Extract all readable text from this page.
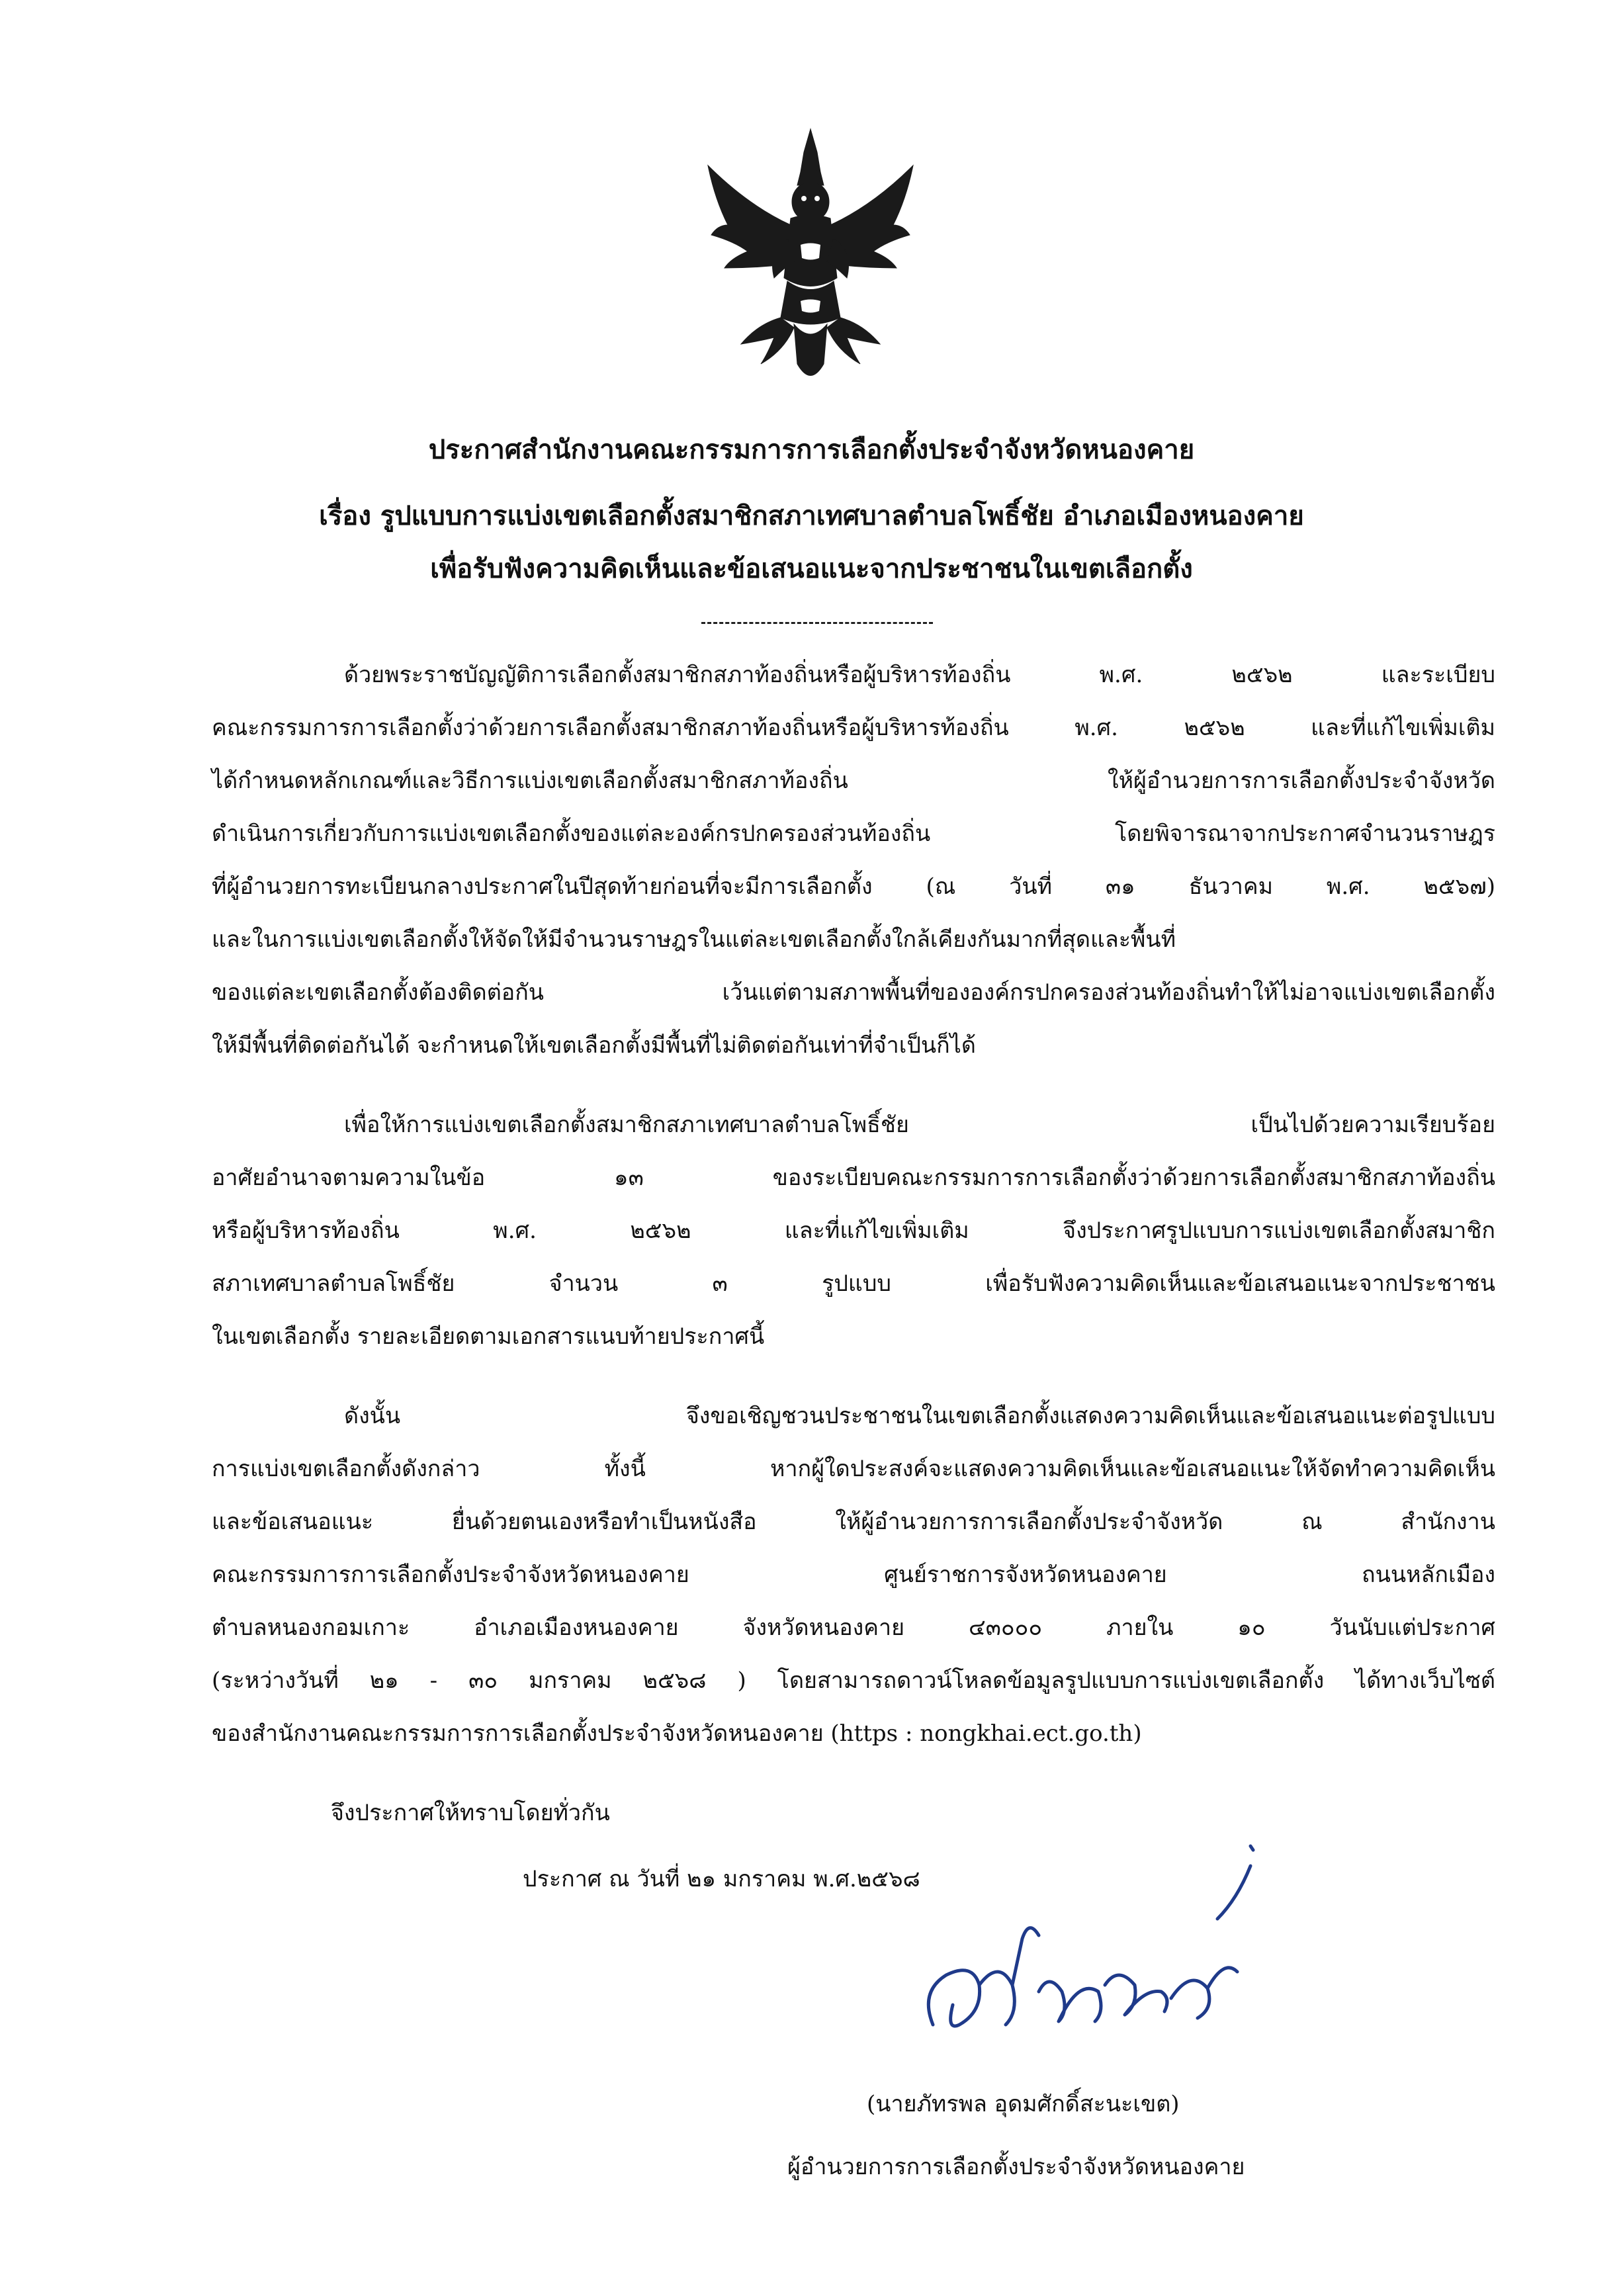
ประกาศสำนักงานคณะกรรมการการเลือกตั้งประจำจังหวัดหนองคาย
เรื่อง รูปแบบการแบ่งเขตเลือกตั้งสมาชิกสภาเทศบาลตำบลโพธิ์ชัย อำเภอเมืองหนองคาย
เพื่อรับฟังความคิดเห็นและข้อเสนอแนะจากประชาชนในเขตเลือกตั้ง
ด้วยพระราชบัญญัติการเลือกตั้งสมาชิกสภาท้องถิ่นหรือผู้บริหารท้องถิ่น พ.ศ. ๒๕๖๒ และระเบียบ
คณะกรรมการการเลือกตั้งว่าด้วยการเลือกตั้งสมาชิกสภาท้องถิ่นหรือผู้บริหารท้องถิ่น พ.ศ. ๒๕๖๒ และที่แก้ไขเพิ่มเติม
ได้กำหนดหลักเกณฑ์และวิธีการแบ่งเขตเลือกตั้งสมาชิกสภาท้องถิ่น ให้ผู้อำนวยการการเลือกตั้งประจำจังหวัด
ดำเนินการเกี่ยวกับการแบ่งเขตเลือกตั้งของแต่ละองค์กรปกครองส่วนท้องถิ่น โดยพิจารณาจากประกาศจำนวนราษฎร
ที่ผู้อำนวยการทะเบียนกลางประกาศในปีสุดท้ายก่อนที่จะมีการเลือกตั้ง (ณ วันที่ ๓๑ ธันวาคม พ.ศ. ๒๕๖๗)
และในการแบ่งเขตเลือกตั้งให้จัดให้มีจำนวนราษฎรในแต่ละเขตเลือกตั้งใกล้เคียงกันมากที่สุดและพื้นที่
ของแต่ละเขตเลือกตั้งต้องติดต่อกัน เว้นแต่ตามสภาพพื้นที่ขององค์กรปกครองส่วนท้องถิ่นทำให้ไม่อาจแบ่งเขตเลือกตั้ง
ให้มีพื้นที่ติดต่อกันได้ จะกำหนดให้เขตเลือกตั้งมีพื้นที่ไม่ติดต่อกันเท่าที่จำเป็นก็ได้
เพื่อให้การแบ่งเขตเลือกตั้งสมาชิกสภาเทศบาลตำบลโพธิ์ชัย เป็นไปด้วยความเรียบร้อย
อาศัยอำนาจตามความในข้อ ๑๓ ของระเบียบคณะกรรมการการเลือกตั้งว่าด้วยการเลือกตั้งสมาชิกสภาท้องถิ่น
หรือผู้บริหารท้องถิ่น พ.ศ. ๒๕๖๒ และที่แก้ไขเพิ่มเติม จึงประกาศรูปแบบการแบ่งเขตเลือกตั้งสมาชิก
สภาเทศบาลตำบลโพธิ์ชัย จำนวน ๓ รูปแบบ เพื่อรับฟังความคิดเห็นและข้อเสนอแนะจากประชาชน
ในเขตเลือกตั้ง รายละเอียดตามเอกสารแนบท้ายประกาศนี้
ดังนั้น จึงขอเชิญชวนประชาชนในเขตเลือกตั้งแสดงความคิดเห็นและข้อเสนอแนะต่อรูปแบบ
การแบ่งเขตเลือกตั้งดังกล่าว ทั้งนี้ หากผู้ใดประสงค์จะแสดงความคิดเห็นและข้อเสนอแนะให้จัดทำความคิดเห็น
และข้อเสนอแนะ ยื่นด้วยตนเองหรือทำเป็นหนังสือ ให้ผู้อำนวยการการเลือกตั้งประจำจังหวัด ณ สำนักงาน
คณะกรรมการการเลือกตั้งประจำจังหวัดหนองคาย ศูนย์ราชการจังหวัดหนองคาย ถนนหลักเมือง
ตำบลหนองกอมเกาะ อำเภอเมืองหนองคาย จังหวัดหนองคาย ๔๓๐๐๐ ภายใน ๑๐ วันนับแต่ประกาศ
(ระหว่างวันที่ ๒๑ - ๓๐ มกราคม ๒๕๖๘ ) โดยสามารถดาวน์โหลดข้อมูลรูปแบบการแบ่งเขตเลือกตั้ง ได้ทางเว็บไซต์
ของสำนักงานคณะกรรมการการเลือกตั้งประจำจังหวัดหนองคาย (https : nongkhai.ect.go.th)
จึงประกาศให้ทราบโดยทั่วกัน
ประกาศ ณ วันที่ ๒๑ มกราคม พ.ศ.๒๕๖๘
(นายภัทรพล อุดมศักดิ์สะนะเขต)
ผู้อำนวยการการเลือกตั้งประจำจังหวัดหนองคาย
